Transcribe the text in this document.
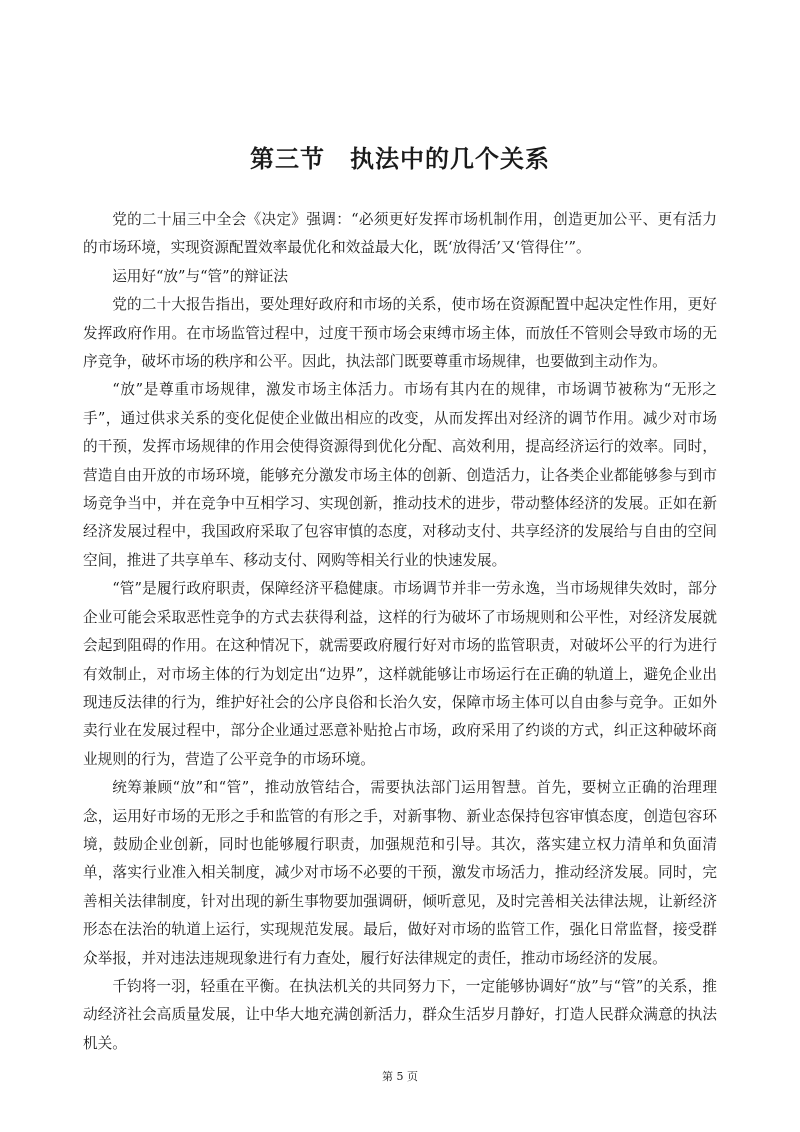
第三节　执法中的几个关系

党的二十届三中全会《决定》强调：“必须更好发挥市场机制作用，创造更加公平、更有活力的市场环境，实现资源配置效率最优化和效益最大化，既‘放得活’又‘管得住’”。

运用好“放”与“管”的辩证法

党的二十大报告指出，要处理好政府和市场的关系，使市场在资源配置中起决定性作用，更好发挥政府作用。在市场监管过程中，过度干预市场会束缚市场主体，而放任不管则会导致市场的无序竞争，破坏市场的秩序和公平。因此，执法部门既要尊重市场规律，也要做到主动作为。

“放”是尊重市场规律，激发市场主体活力。市场有其内在的规律，市场调节被称为“无形之手”，通过供求关系的变化促使企业做出相应的改变，从而发挥出对经济的调节作用。减少对市场的干预，发挥市场规律的作用会使得资源得到优化分配、高效利用，提高经济运行的效率。同时，营造自由开放的市场环境，能够充分激发市场主体的创新、创造活力，让各类企业都能够参与到市场竞争当中，并在竞争中互相学习、实现创新，推动技术的进步，带动整体经济的发展。正如在新经济发展过程中，我国政府采取了包容审慎的态度，对移动支付、共享经济的发展给与自由的空间空间，推进了共享单车、移动支付、网购等相关行业的快速发展。

“管”是履行政府职责，保障经济平稳健康。市场调节并非一劳永逸，当市场规律失效时，部分企业可能会采取恶性竞争的方式去获得利益，这样的行为破坏了市场规则和公平性，对经济发展就会起到阻碍的作用。在这种情况下，就需要政府履行好对市场的监管职责，对破坏公平的行为进行有效制止，对市场主体的行为划定出“边界”，这样就能够让市场运行在正确的轨道上，避免企业出现违反法律的行为，维护好社会的公序良俗和长治久安，保障市场主体可以自由参与竞争。正如外卖行业在发展过程中，部分企业通过恶意补贴抢占市场，政府采用了约谈的方式，纠正这种破坏商业规则的行为，营造了公平竞争的市场环境。

统筹兼顾“放”和“管”，推动放管结合，需要执法部门运用智慧。首先，要树立正确的治理理念，运用好市场的无形之手和监管的有形之手，对新事物、新业态保持包容审慎态度，创造包容环境，鼓励企业创新，同时也能够履行职责，加强规范和引导。其次，落实建立权力清单和负面清单，落实行业准入相关制度，减少对市场不必要的干预，激发市场活力，推动经济发展。同时，完善相关法律制度，针对出现的新生事物要加强调研，倾听意见，及时完善相关法律法规，让新经济形态在法治的轨道上运行，实现规范发展。最后，做好对市场的监管工作，强化日常监督，接受群众举报，并对违法违规现象进行有力查处，履行好法律规定的责任，推动市场经济的发展。

千钧将一羽，轻重在平衡。在执法机关的共同努力下，一定能够协调好“放”与“管”的关系，推动经济社会高质量发展，让中华大地充满创新活力，群众生活岁月静好，打造人民群众满意的执法机关。

第 5 页
